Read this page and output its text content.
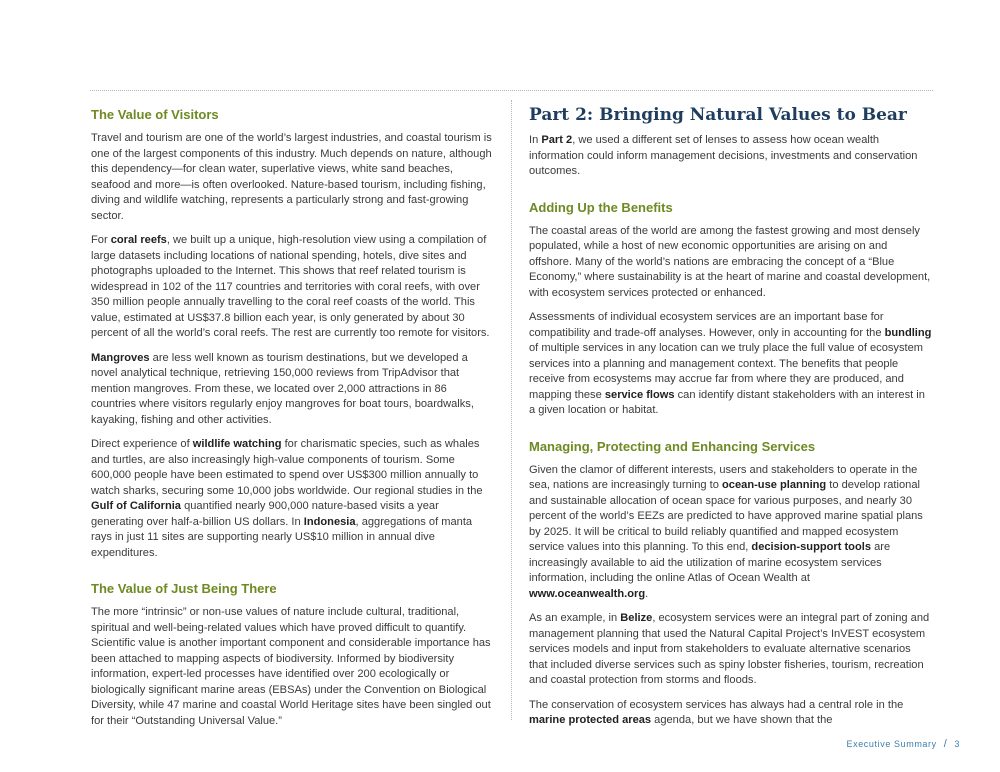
The Value of Visitors

Travel and tourism are one of the world’s largest industries, and coastal tourism is one of the largest components of this industry. Much depends on nature, although this dependency—for clean water, superlative views, white sand beaches, seafood and more—is often overlooked. Nature-based tourism, including fishing, diving and wildlife watching, represents a particularly strong and fast-growing sector.

For coral reefs, we built up a unique, high-resolution view using a compilation of large datasets including locations of national spending, hotels, dive sites and photographs uploaded to the Internet. This shows that reef related tourism is widespread in 102 of the 117 countries and territories with coral reefs, with over 350 million people annually travelling to the coral reef coasts of the world. This value, estimated at US$37.8 billion each year, is only generated by about 30 percent of all the world’s coral reefs. The rest are currently too remote for visitors.

Mangroves are less well known as tourism destinations, but we developed a novel analytical technique, retrieving 150,000 reviews from TripAdvisor that mention mangroves. From these, we located over 2,000 attractions in 86 countries where visitors regularly enjoy mangroves for boat tours, boardwalks, kayaking, fishing and other activities.

Direct experience of wildlife watching for charismatic species, such as whales and turtles, are also increasingly high-value components of tourism. Some 600,000 people have been estimated to spend over US$300 million annually to watch sharks, securing some 10,000 jobs worldwide. Our regional studies in the Gulf of California quantified nearly 900,000 nature-based visits a year generating over half-a-billion US dollars. In Indonesia, aggregations of manta rays in just 11 sites are supporting nearly US$10 million in annual dive expenditures.

The Value of Just Being There

The more “intrinsic” or non-use values of nature include cultural, traditional, spiritual and well-being-related values which have proved difficult to quantify. Scientific value is another important component and considerable importance has been attached to mapping aspects of biodiversity. Informed by biodiversity information, expert-led processes have identified over 200 ecologically or biologically significant marine areas (EBSAs) under the Convention on Biological Diversity, while 47 marine and coastal World Heritage sites have been singled out for their “Outstanding Universal Value.”

Part 2: Bringing Natural Values to Bear

In Part 2, we used a different set of lenses to assess how ocean wealth information could inform management decisions, investments and conservation outcomes.

Adding Up the Benefits

The coastal areas of the world are among the fastest growing and most densely populated, while a host of new economic opportunities are arising on and offshore. Many of the world’s nations are embracing the concept of a “Blue Economy,” where sustainability is at the heart of marine and coastal development, with ecosystem services protected or enhanced.

Assessments of individual ecosystem services are an important base for compatibility and trade-off analyses. However, only in accounting for the bundling of multiple services in any location can we truly place the full value of ecosystem services into a planning and management context. The benefits that people receive from ecosystems may accrue far from where they are produced, and mapping these service flows can identify distant stakeholders with an interest in a given location or habitat.

Managing, Protecting and Enhancing Services

Given the clamor of different interests, users and stakeholders to operate in the sea, nations are increasingly turning to ocean-use planning to develop rational and sustainable allocation of ocean space for various purposes, and nearly 30 percent of the world’s EEZs are predicted to have approved marine spatial plans by 2025. It will be critical to build reliably quantified and mapped ecosystem service values into this planning. To this end, decision-support tools are increasingly available to aid the utilization of marine ecosystem services information, including the online Atlas of Ocean Wealth at www.oceanwealth.org.

As an example, in Belize, ecosystem services were an integral part of zoning and management planning that used the Natural Capital Project’s InVEST ecosystem services models and input from stakeholders to evaluate alternative scenarios that included diverse services such as spiny lobster fisheries, tourism, recreation and coastal protection from storms and floods.

The conservation of ecosystem services has always had a central role in the marine protected areas agenda, but we have shown that the

Executive Summary / 3
